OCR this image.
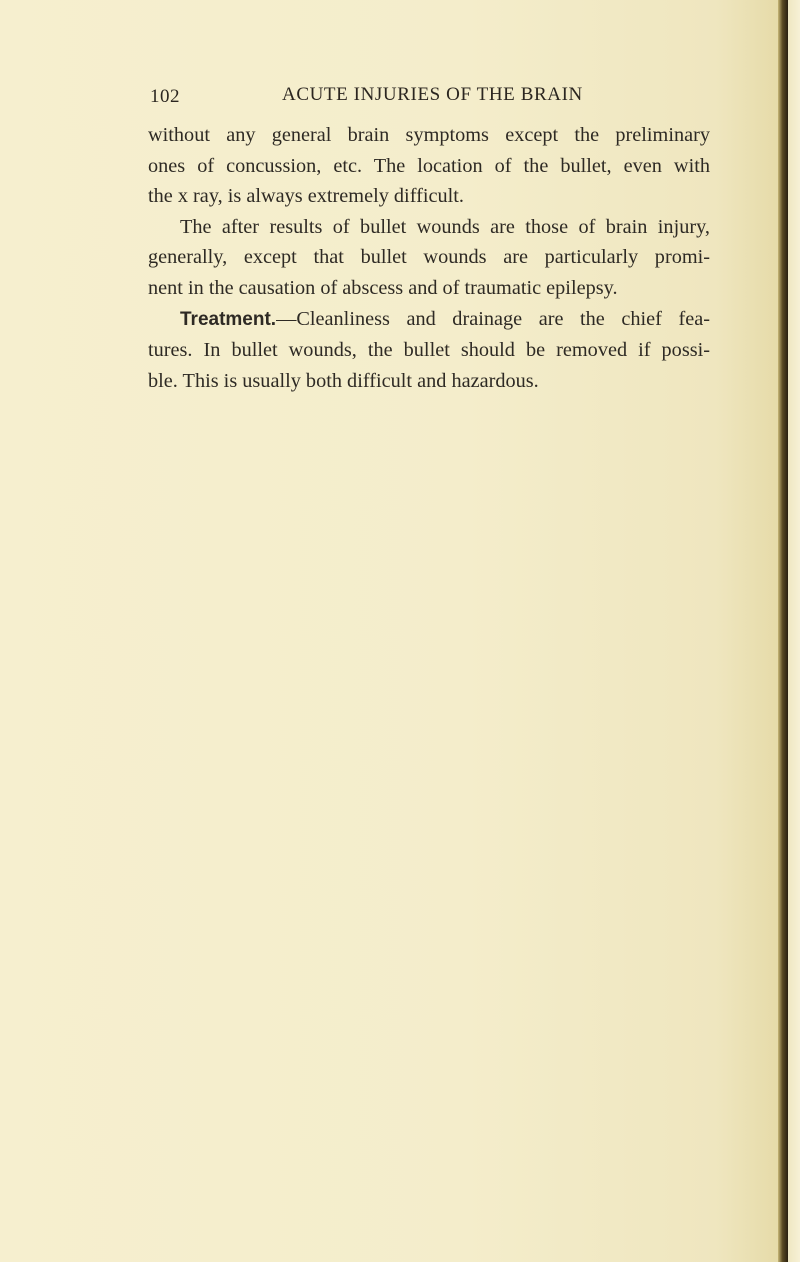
102	ACUTE INJURIES OF THE BRAIN
without any general brain symptoms except the preliminary
ones of concussion, etc. The location of the bullet, even with
the x ray, is always extremely difficult.
The after results of bullet wounds are those of brain injury,
generally, except that bullet wounds are particularly promi-
nent in the causation of abscess and of traumatic epilepsy.
Treatment.—Cleanliness and drainage are the chief fea-
tures. In bullet wounds, the bullet should be removed if possi-
ble. This is usually both difficult and hazardous.
